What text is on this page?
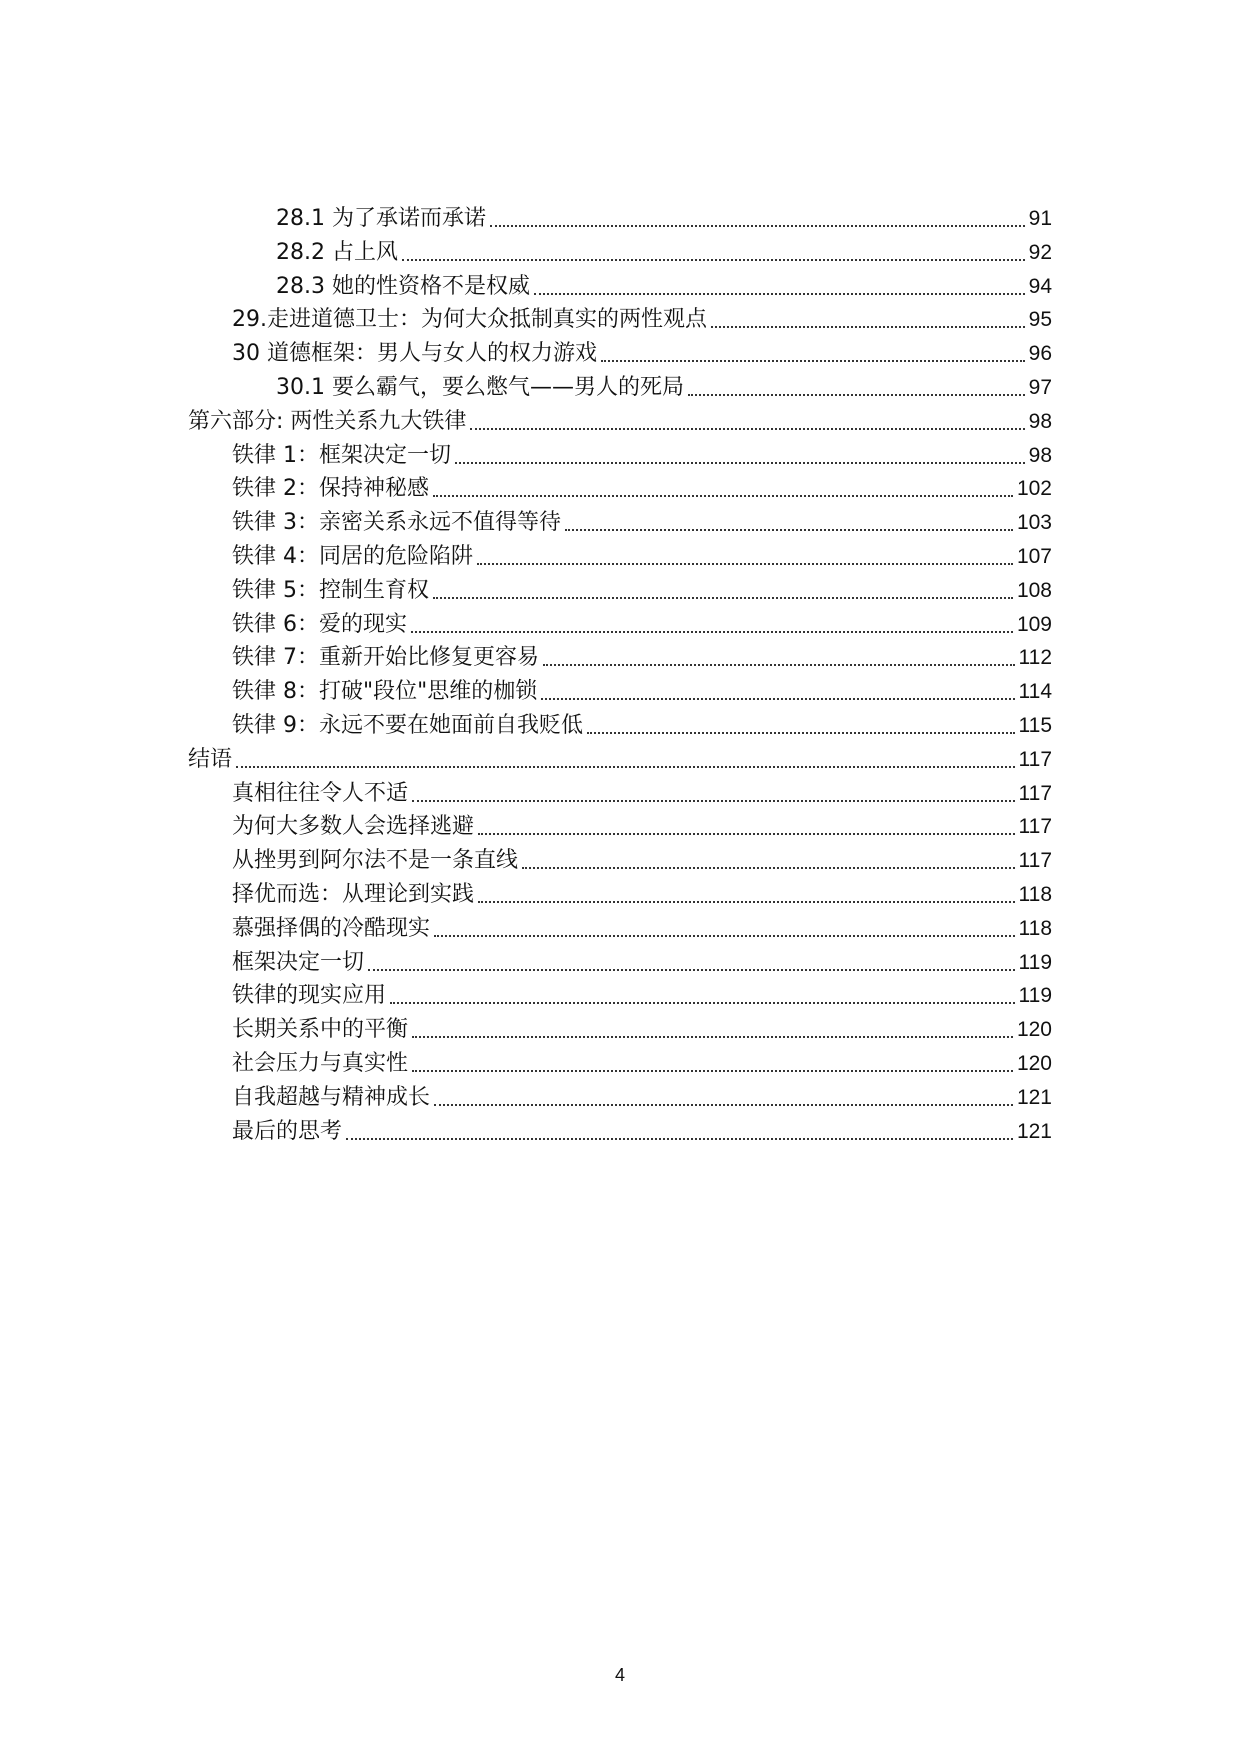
28.1 为了承诺而承诺	91
28.2 占上风	92
28.3 她的性资格不是权威	94
29.走进道德卫士：为何大众抵制真实的两性观点	95
30 道德框架：男人与女人的权力游戏	96
30.1 要么霸气，要么憋气——男人的死局	97
第六部分: 两性关系九大铁律	98
铁律 1：框架决定一切	98
铁律 2：保持神秘感	102
铁律 3：亲密关系永远不值得等待	103
铁律 4：同居的危险陷阱	107
铁律 5：控制生育权	108
铁律 6：爱的现实	109
铁律 7：重新开始比修复更容易	112
铁律 8：打破"段位"思维的枷锁	114
铁律 9：永远不要在她面前自我贬低	115
结语	117
真相往往令人不适	117
为何大多数人会选择逃避	117
从挫男到阿尔法不是一条直线	117
择优而选：从理论到实践	118
慕强择偶的冷酷现实	118
框架决定一切	119
铁律的现实应用	119
长期关系中的平衡	120
社会压力与真实性	120
自我超越与精神成长	121
最后的思考	121
4
